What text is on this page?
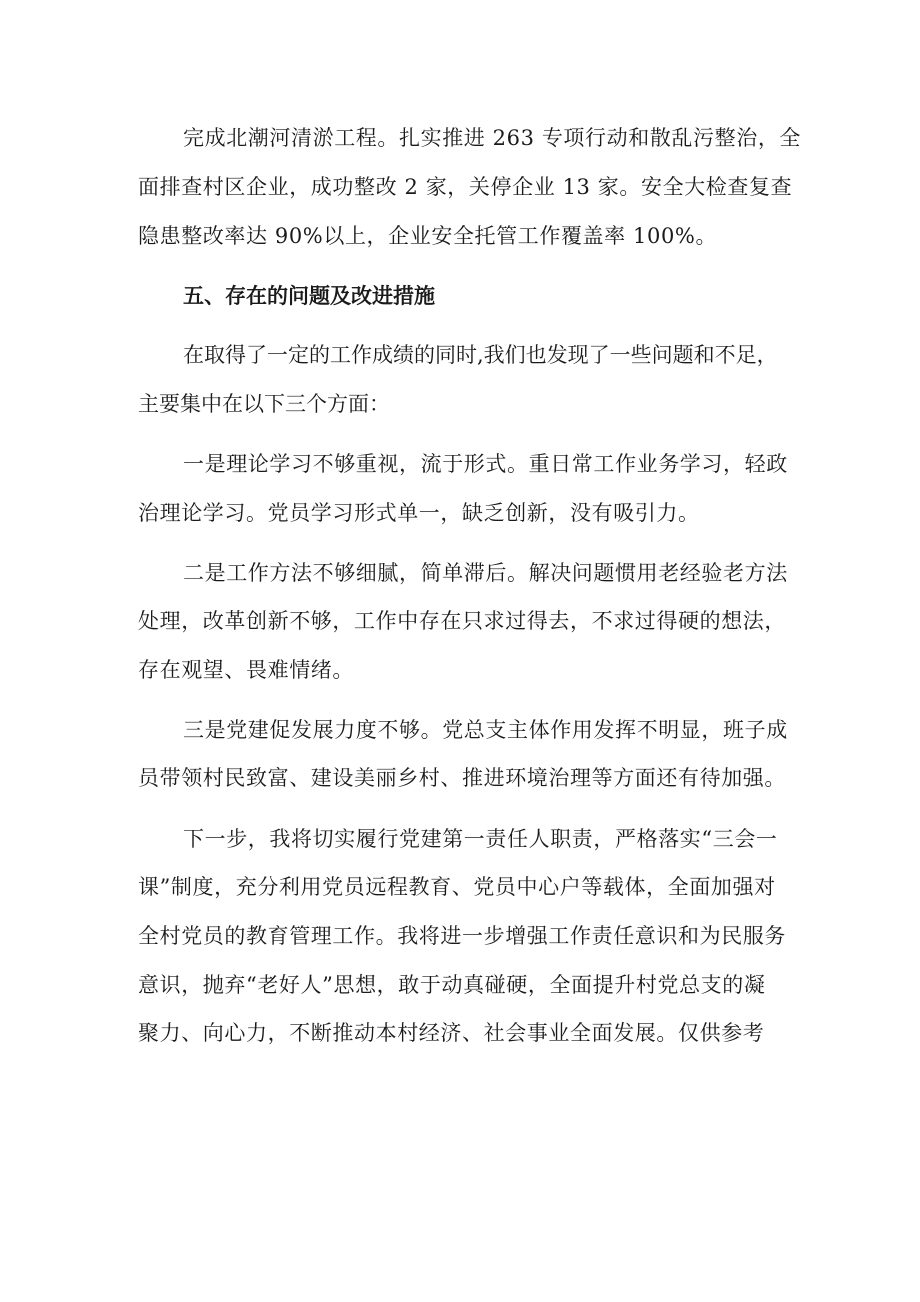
完成北潮河清淤工程。扎实推进 263 专项行动和散乱污整治，全

面排查村区企业，成功整改 2 家，关停企业 13 家。安全大检查复查

隐患整改率达 90%以上，企业安全托管工作覆盖率 100%。

五、存在的问题及改进措施

在取得了一定的工作成绩的同时,我们也发现了一些问题和不足，

主要集中在以下三个方面：

一是理论学习不够重视，流于形式。重日常工作业务学习，轻政

治理论学习。党员学习形式单一，缺乏创新，没有吸引力。

二是工作方法不够细腻，简单滞后。解决问题惯用老经验老方法

处理，改革创新不够，工作中存在只求过得去，不求过得硬的想法，

存在观望、畏难情绪。

三是党建促发展力度不够。党总支主体作用发挥不明显，班子成

员带领村民致富、建设美丽乡村、推进环境治理等方面还有待加强。

下一步，我将切实履行党建第一责任人职责，严格落实“三会一

课”制度，充分利用党员远程教育、党员中心户等载体，全面加强对

全村党员的教育管理工作。我将进一步增强工作责任意识和为民服务

意识，抛弃“老好人”思想，敢于动真碰硬，全面提升村党总支的凝

聚力、向心力，不断推动本村经济、社会事业全面发展。仅供参考
